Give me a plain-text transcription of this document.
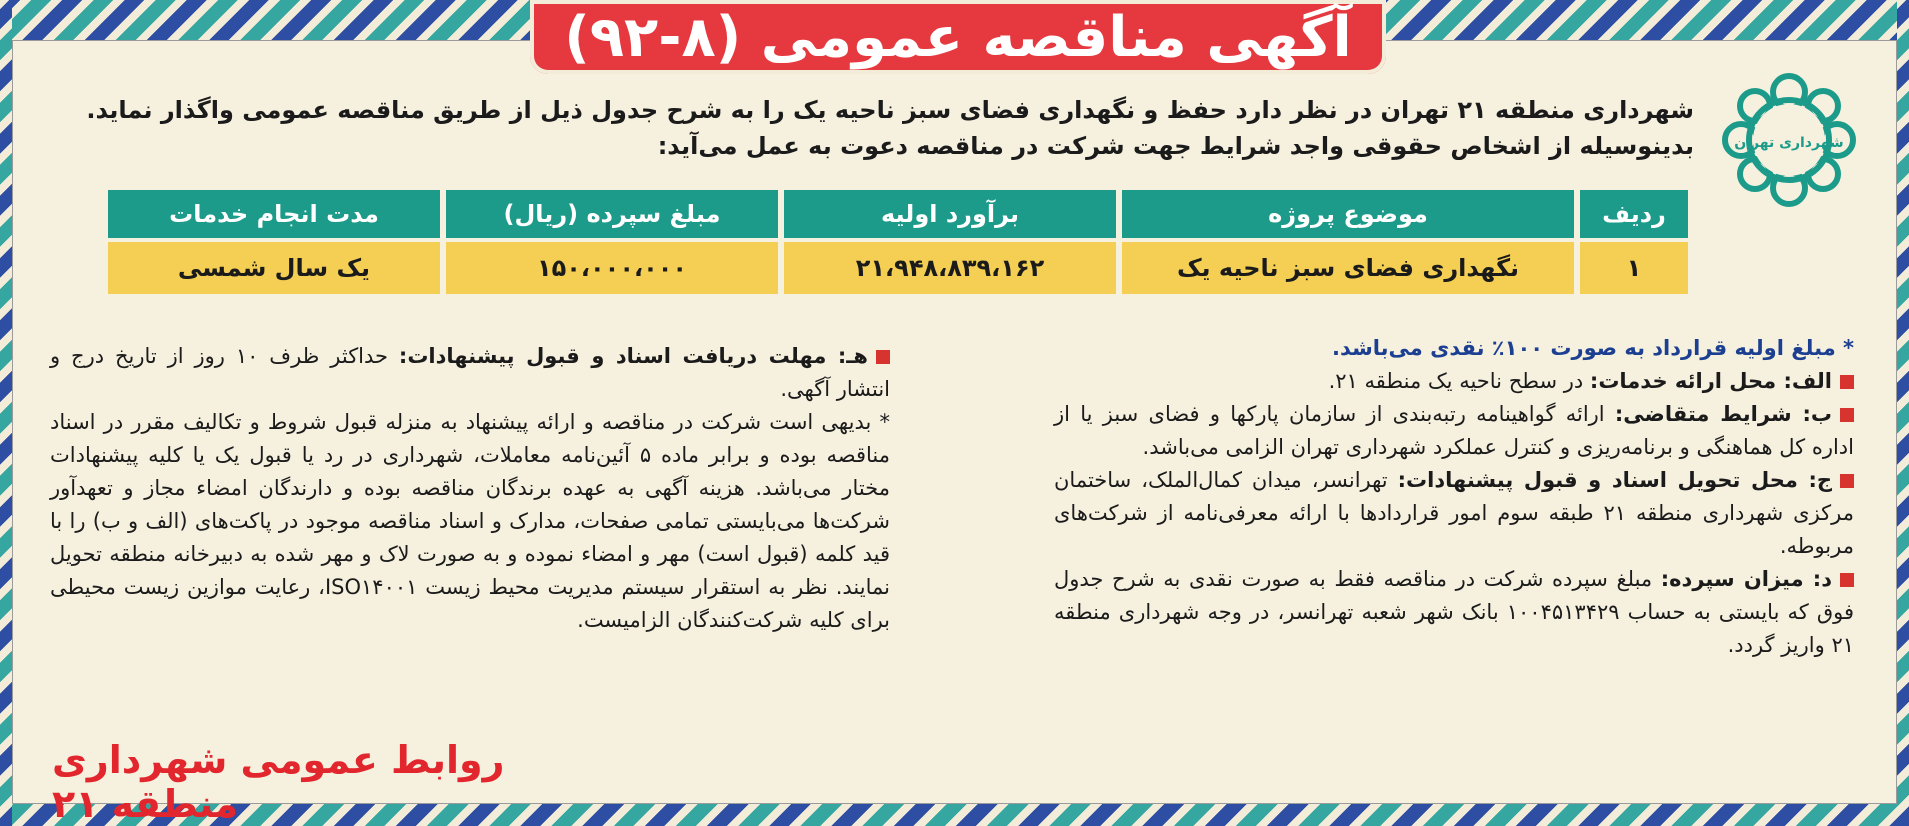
آگهی مناقصه عمومی (۸-۹۲)
شهرداری تهران

شهرداری منطقه ۲۱ تهران در نظر دارد حفظ و نگهداری فضای سبز ناحیه یک را به شرح جدول ذیل از طریق مناقصه عمومی واگذار نماید.

بدینوسیله از اشخاص حقوقی واجد شرایط جهت شرکت در مناقصه دعوت به عمل می‌آید:

ردیف	موضوع پروژه	برآورد اولیه	مبلغ سپرده (ریال)	مدت انجام خدمات
۱	نگهداری فضای سبز ناحیه یک	۲۱،۹۴۸،۸۳۹،۱۶۲	۱۵۰،۰۰۰،۰۰۰	یک سال شمسی

* مبلغ اولیه قرارداد به صورت ۱۰۰٪ نقدی می‌باشد.

الف: محل ارائه خدمات: در سطح ناحیه یک منطقه ۲۱.

ب: شرایط متقاضی: ارائه گواهینامه رتبه‌بندی از سازمان پارکها و فضای سبز یا از اداره کل هماهنگی و برنامه‌ریزی و کنترل عملکرد شهرداری تهران الزامی می‌باشد.

ج: محل تحویل اسناد و قبول پیشنهادات: تهرانسر، میدان کمال‌الملک، ساختمان مرکزی شهرداری منطقه ۲۱ طبقه سوم امور قراردادها با ارائه معرفی‌نامه از شرکت‌های مربوطه.

د: میزان سپرده: مبلغ سپرده شرکت در مناقصه فقط به صورت نقدی به شرح جدول فوق که بایستی به حساب ۱۰۰۴۵۱۳۴۲۹ بانک شهر شعبه تهرانسر، در وجه شهرداری منطقه ۲۱ واریز گردد.

هـ: مهلت دریافت اسناد و قبول پیشنهادات: حداکثر ظرف ۱۰ روز از تاریخ درج و انتشار آگهی.

* بدیهی است شرکت در مناقصه و ارائه پیشنهاد به منزله قبول شروط و تکالیف مقرر در اسناد مناقصه بوده و برابر ماده ۵ آئین‌نامه معاملات، شهرداری در رد یا قبول یک یا کلیه پیشنهادات مختار می‌باشد. هزینه آگهی به عهده برندگان مناقصه بوده و دارندگان امضاء مجاز و تعهدآور شرکت‌ها می‌بایستی تمامی صفحات، مدارک و اسناد مناقصه موجود در پاکت‌های (الف و ب) را با قید کلمه (قبول است) مهر و امضاء نموده و به صورت لاک و مهر شده به دبیرخانه منطقه تحویل نمایند. نظر به استقرار سیستم مدیریت محیط زیست ISO۱۴۰۰۱، رعایت موازین زیست محیطی برای کلیه شرکت‌کنندگان الزامیست.

روابط عمومی شهرداری منطقه ۲۱
